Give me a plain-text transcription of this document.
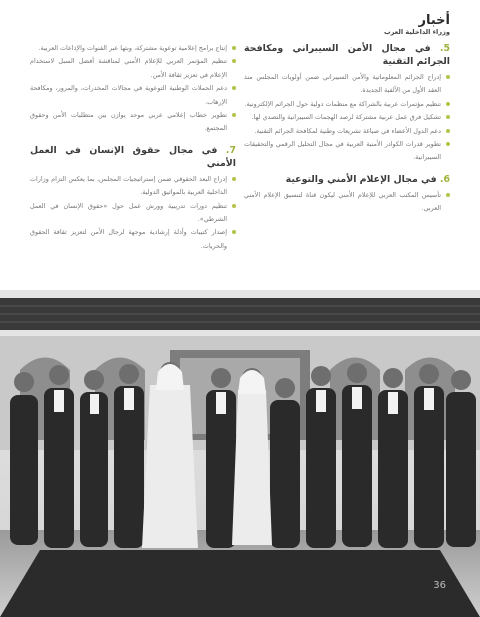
أخبار
وزراء الداخلية العرب
5. في مجال الأمن السيبراني ومكافحة الجرائم التقنية
إدراج الجرائم المعلوماتية والأمن السيبراني ضمن أولويات المجلس منذ العقد الأول من الألفية الجديدة.
تنظيم مؤتمرات عربية بالشراكة مع منظمات دولية حول الجرائم الإلكترونية.
تشكيل فرق عمل عربية مشتركة لرصد الهجمات السيبرانية والتصدي لها.
دعم الدول الأعضاء في صياغة تشريعات وطنية لمكافحة الجرائم التقنية.
تطوير قدرات الكوادر الأمنية العربية في مجال التحليل الرقمي والتحقيقات السيبرانية.
6. في مجال الإعلام الأمني والتوعية
تأسيس المكتب العربي للإعلام الأمني ليكون قناة لتنسيق الإعلام الأمني العربي.
إنتاج برامج إعلامية توعوية مشتركة، وبثها عبر القنوات والإذاعات العربية.
تنظيم المؤتمر العربي للإعلام الأمني لمناقشة أفضل السبل لاستخدام الإعلام في تعزيز ثقافة الأمن.
دعم الحملات الوطنية التوعوية في مجالات المخدرات، والمرور، ومكافحة الإرهاب.
تطوير خطاب إعلامي عربي موحد يوازن بين متطلبات الأمن وحقوق المجتمع.
7. في مجال حقوق الإنسان في العمل الأمني
إدراج البعد الحقوقي ضمن إستراتيجيات المجلس، بما يعكس التزام وزارات الداخلية العربية بالمواثيق الدولية.
تنظيم دورات تدريبية وورش عمل حول «حقوق الإنسان في العمل الشرطي».
إصدار كتيبات وأدلة إرشادية موجهة لرجال الأمن لتعزيز ثقافة الحقوق والحريات.
36
